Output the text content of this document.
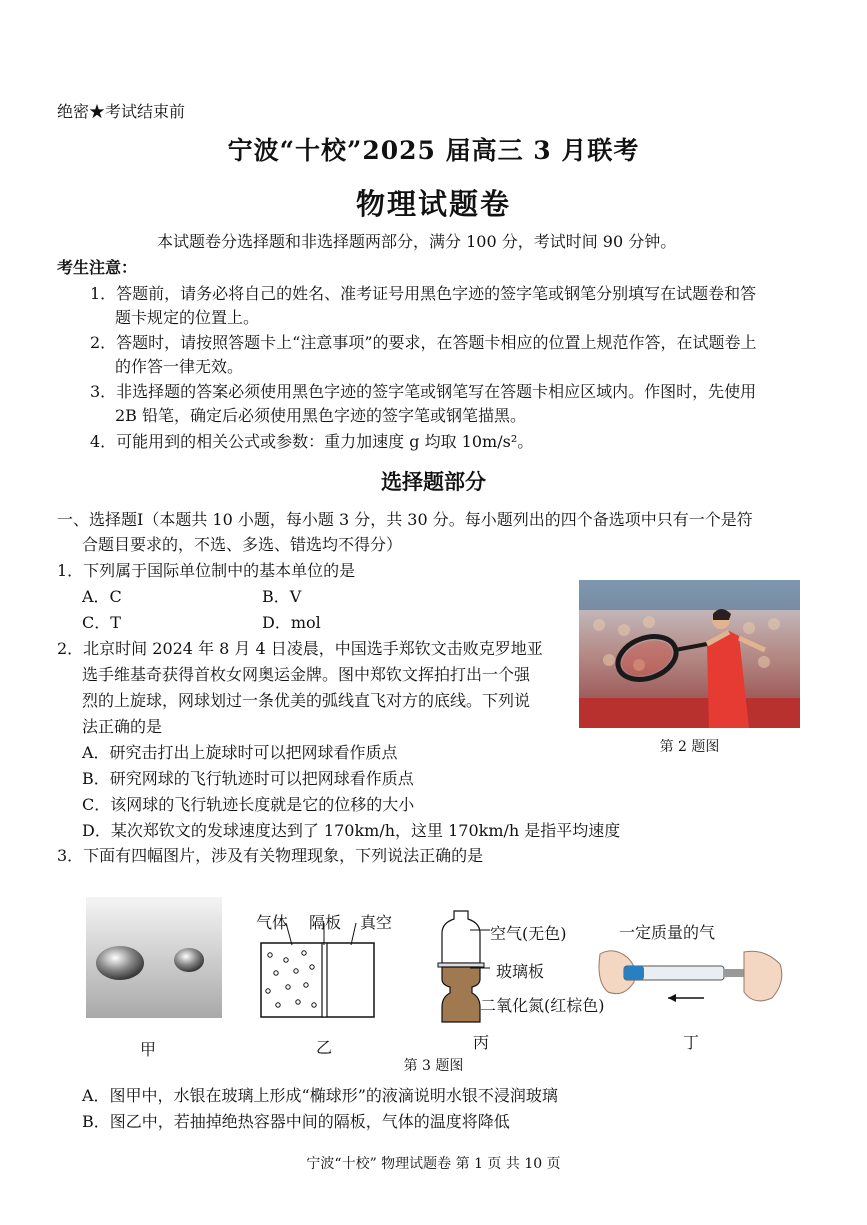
绝密★考试结束前
宁波“十校”2025 届高三 3 月联考
物理试题卷
本试题卷分选择题和非选择题两部分，满分 100 分，考试时间 90 分钟。
考生注意：
1．答题前，请务必将自己的姓名、准考证号用黑色字迹的签字笔或钢笔分别填写在试题卷和答
题卡规定的位置上。
2．答题时，请按照答题卡上“注意事项”的要求，在答题卡相应的位置上规范作答，在试题卷上
的作答一律无效。
3．非选择题的答案必须使用黑色字迹的签字笔或钢笔写在答题卡相应区域内。作图时，先使用
2B 铅笔，确定后必须使用黑色字迹的签字笔或钢笔描黑。
4．可能用到的相关公式或参数：重力加速度 g 均取 10m/s²。
选择题部分
一、选择题Ⅰ（本题共 10 小题，每小题 3 分，共 30 分。每小题列出的四个备选项中只有一个是符
合题目要求的，不选、多选、错选均不得分）
1．下列属于国际单位制中的基本单位的是
A．C	B．V
C．T	D．mol
2．北京时间 2024 年 8 月 4 日凌晨，中国选手郑钦文击败克罗地亚
选手维基奇获得首枚女网奥运金牌。图中郑钦文挥拍打出一个强
烈的上旋球，网球划过一条优美的弧线直飞对方的底线。下列说
法正确的是
A．研究击打出上旋球时可以把网球看作质点
B．研究网球的飞行轨迹时可以把网球看作质点
C．该网球的飞行轨迹长度就是它的位移的大小
D．某次郑钦文的发球速度达到了 170km/h，这里 170km/h 是指平均速度
第 2 题图
3．下面有四幅图片，涉及有关物理现象，下列说法正确的是
气体 隔板 真空
空气(无色)
玻璃板
二氧化氮(红棕色)
一定质量的气
甲	乙	丙	丁
第 3 题图
A．图甲中，水银在玻璃上形成“椭球形”的液滴说明水银不浸润玻璃
B．图乙中，若抽掉绝热容器中间的隔板，气体的温度将降低
宁波“十校” 物理试题卷 第 1 页 共 10 页
